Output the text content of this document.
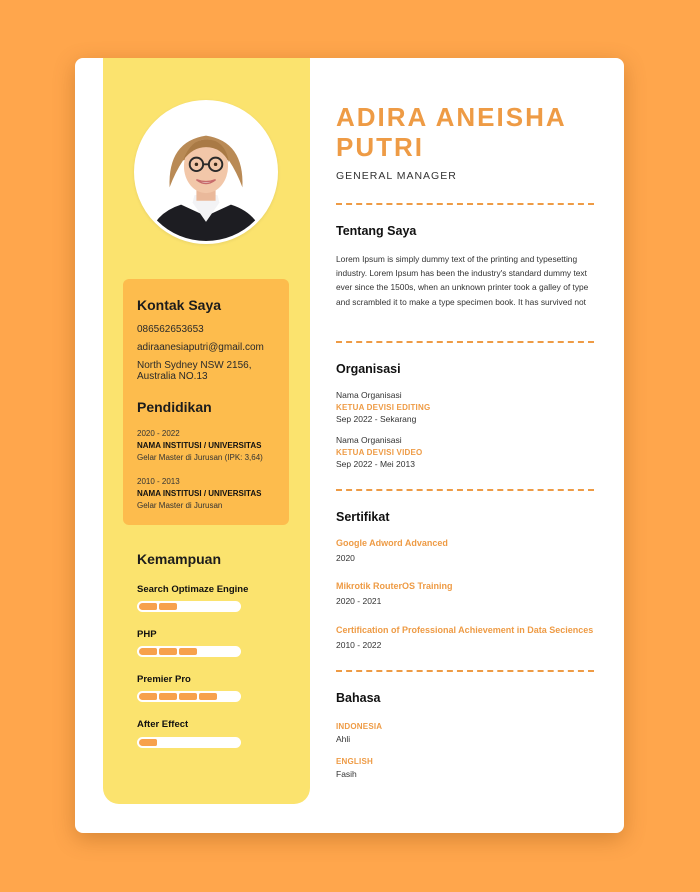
Kontak Saya
086562653653
adiraanesiaputri@gmail.com
North Sydney NSW 2156, Australia NO.13
Pendidikan
2020 - 2022
NAMA INSTITUSI / UNIVERSITAS
Gelar Master di Jurusan (IPK: 3,64)
2010 - 2013
NAMA INSTITUSI / UNIVERSITAS
Gelar Master di Jurusan
Kemampuan
Search Optimaze Engine
PHP
Premier Pro
After Effect
ADIRA ANEISHA PUTRI
GENERAL MANAGER
Tentang Saya
Lorem Ipsum is simply dummy text of the printing and typesetting industry. Lorem Ipsum has been the industry's standard dummy text ever since the 1500s, when an unknown printer took a galley of type and scrambled it to make a type specimen book. It has survived not
Organisasi
Nama Organisasi
KETUA DEVISI EDITING
Sep 2022 - Sekarang
Nama Organisasi
KETUA DEVISI VIDEO
Sep 2022 - Mei 2013
Sertifikat
Google Adword Advanced
2020
Mikrotik RouterOS Training
2020 - 2021
Certification of Professional Achievement in Data Seciences
2010 - 2022
Bahasa
INDONESIA
Ahli
ENGLISH
Fasih
